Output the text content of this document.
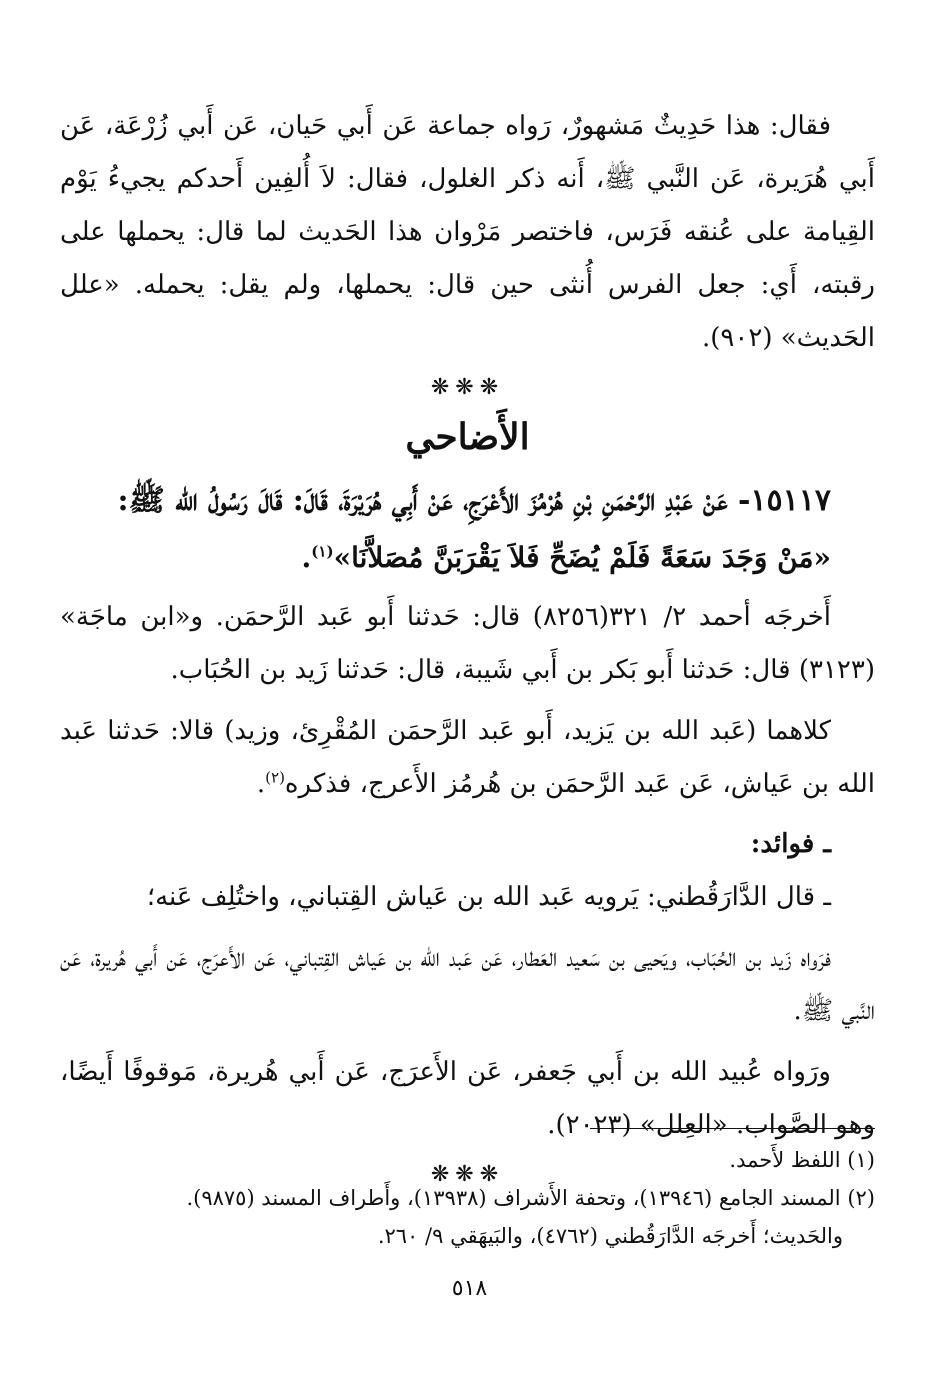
فقال: هذا حَدِيثٌ مَشهورٌ، رَواه جماعة عَن أَبي حَيان، عَن أَبي زُرْعَة، عَن أَبي هُرَيرة، عَن النَّبي ﷺ، أَنه ذكر الغلول، فقال: لاَ أُلفِين أَحدكم يجيءُ يَوْم القِيامة على عُنقه فَرَس، فاختصر مَرْوان هذا الحَديث لما قال: يحملها على رقبته، أَي: جعل الفرس أُنثى حين قال: يحملها، ولم يقل: يحمله. «علل الحَديث» (٩٠٢).

❋❋❋
الأَضاحي

١٥١١٧- عَنْ عَبْدِ الرَّحْمَنِ بْنِ هُرْمُزَ الأَعْرَجِ، عَنْ أَبِي هُرَيْرَةَ، قَالَ: قَالَ رَسُولُ الله ﷺ:

«مَنْ وَجَدَ سَعَةً فَلَمْ يُضَحِّ فَلاَ يَقْرَبَنَّ مُصَلاَّنَا»$^{(١)}$.

أَخرجَه أحمد ٢/ ٣٢١(٨٢٥٦) قال: حَدثنا أَبو عَبد الرَّحمَن. و«ابن ماجَة» (٣١٢٣) قال: حَدثنا أَبو بَكر بن أَبي شَيبة، قال: حَدثنا زَيد بن الحُبَاب.

كلاهما (عَبد الله بن يَزيد، أَبو عَبد الرَّحمَن المُقْرِئ، وزيد) قالا: حَدثنا عَبد الله بن عَياش، عَن عَبد الرَّحمَن بن هُرمُز الأَعرج، فذكره$^{(٢)}$.

ـ فوائد:

ـ قال الدَّارَقُطني: يَرويه عَبد الله بن عَياش القِتباني، واختُلِف عَنه؛

فرَواه زَيد بن الحُبَاب، ويَحيى بن سَعيد العَطار، عَن عَبد الله بن عَياش القِتباني، عَن الأَعرَج، عَن أَبي هُريرة، عَن النَّبي ﷺ.

ورَواه عُبيد الله بن أَبي جَعفر، عَن الأَعرَج، عَن أَبي هُريرة، مَوقوفًا أَيضًا، وهو الصَّواب. «العِلل» (٢٠٢٣).

❋❋❋

(١) اللفظ لأَحمد.

(٢) المسند الجامع (١٣٩٤٦)، وتحفة الأَشراف (١٣٩٣٨)، وأَطراف المسند (٩٨٧٥).

والحَديث؛ أَخرجَه الدَّارَقُطني (٤٧٦٢)، والبَيهَقي ٩/ ٢٦٠.

٥١٨
